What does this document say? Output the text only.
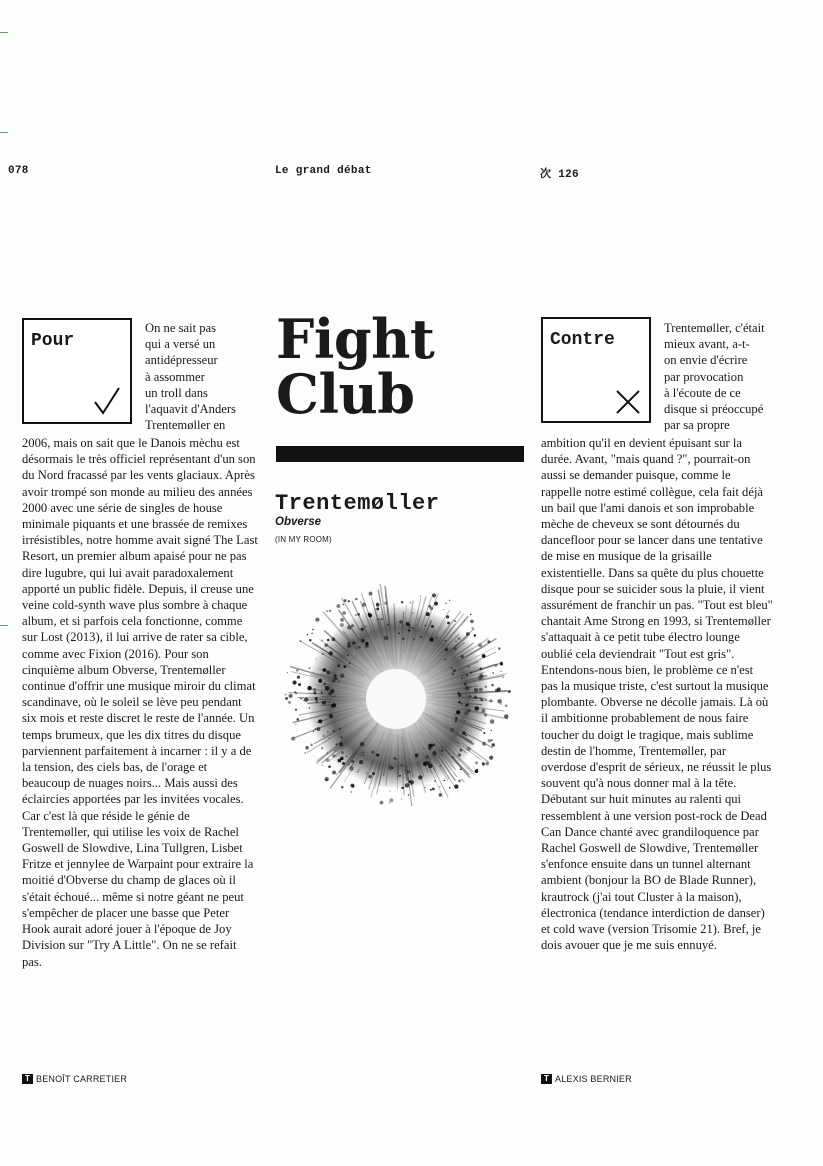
078	Le grand débat	次 126
On ne sait pas
qui a versé un
antidépresseur
à assommer
un troll dans
l'aquavit d'Anders
Trentemøller en

2006, mais on sait que le Danois mèchu est désormais le très officiel représentant d'un son du Nord fracassé par les vents glaciaux. Après avoir trompé son monde au milieu des années 2000 avec une série de singles de house minimale piquants et une brassée de remixes irrésistibles, notre homme avait signé The Last Resort, un premier album apaisé pour ne pas dire lugubre, qui lui avait paradoxalement apporté un public fidèle. Depuis, il creuse une veine cold-synth wave plus sombre à chaque album, et si parfois cela fonctionne, comme sur Lost (2013), il lui arrive de rater sa cible, comme avec Fixion (2016). Pour son cinquième album Obverse, Trentemøller continue d'offrir une musique miroir du climat scandinave, où le soleil se lève peu pendant six mois et reste discret le reste de l'année. Un temps brumeux, que les dix titres du disque parviennent parfaitement à incarner : il y a de la tension, des ciels bas, de l'orage et beaucoup de nuages noirs... Mais aussi des éclaircies apportées par les invitées vocales. Car c'est là que réside le génie de Trentemøller, qui utilise les voix de Rachel Goswell de Slowdive, Lina Tullgren, Lisbet Fritze et jennylee de Warpaint pour extraire la moitié d'Obverse du champ de glaces où il s'était échoué... même si notre géant ne peut s'empêcher de placer une basse que Peter Hook aurait adoré jouer à l'époque de Joy Division sur "Try A Little". On ne se refait pas.

Pour	Fight
Club
Trentemøller
Obverse
(IN MY ROOM)
Trentemøller, c'était
mieux avant, a-t-
on envie d'écrire
par provocation
à l'écoute de ce
disque si préoccupé
par sa propre

ambition qu'il en devient épuisant sur la durée. Avant, "mais quand ?", pourrait-on aussi se demander puisque, comme le rappelle notre estimé collègue, cela fait déjà un bail que l'ami danois et son improbable mèche de cheveux se sont détournés du dancefloor pour se lancer dans une tentative de mise en musique de la grisaille existentielle. Dans sa quête du plus chouette disque pour se suicider sous la pluie, il vient assurément de franchir un pas. "Tout est bleu" chantait Ame Strong en 1993, si Trentemøller s'attaquait à ce petit tube électro lounge oublié cela deviendrait "Tout est gris". Entendons-nous bien, le problème ce n'est pas la musique triste, c'est surtout la musique plombante. Obverse ne décolle jamais. Là où il ambitionne probablement de nous faire toucher du doigt le tragique, mais sublime destin de l'homme, Trentemøller, par overdose d'esprit de sérieux, ne réussit le plus souvent qu'à nous donner mal à la tête. Débutant sur huit minutes au ralenti qui ressemblent à une version post-rock de Dead Can Dance chanté avec grandiloquence par Rachel Goswell de Slowdive, Trentemøller s'enfonce ensuite dans un tunnel alternant ambient (bonjour la BO de Blade Runner), krautrock (j'ai tout Cluster à la maison), électronica (tendance interdiction de danser) et cold wave (version Trisomie 21). Bref, je dois avouer que je me suis ennuyé.

Contre
T BENOÎT CARRETIER	T ALEXIS BERNIER
